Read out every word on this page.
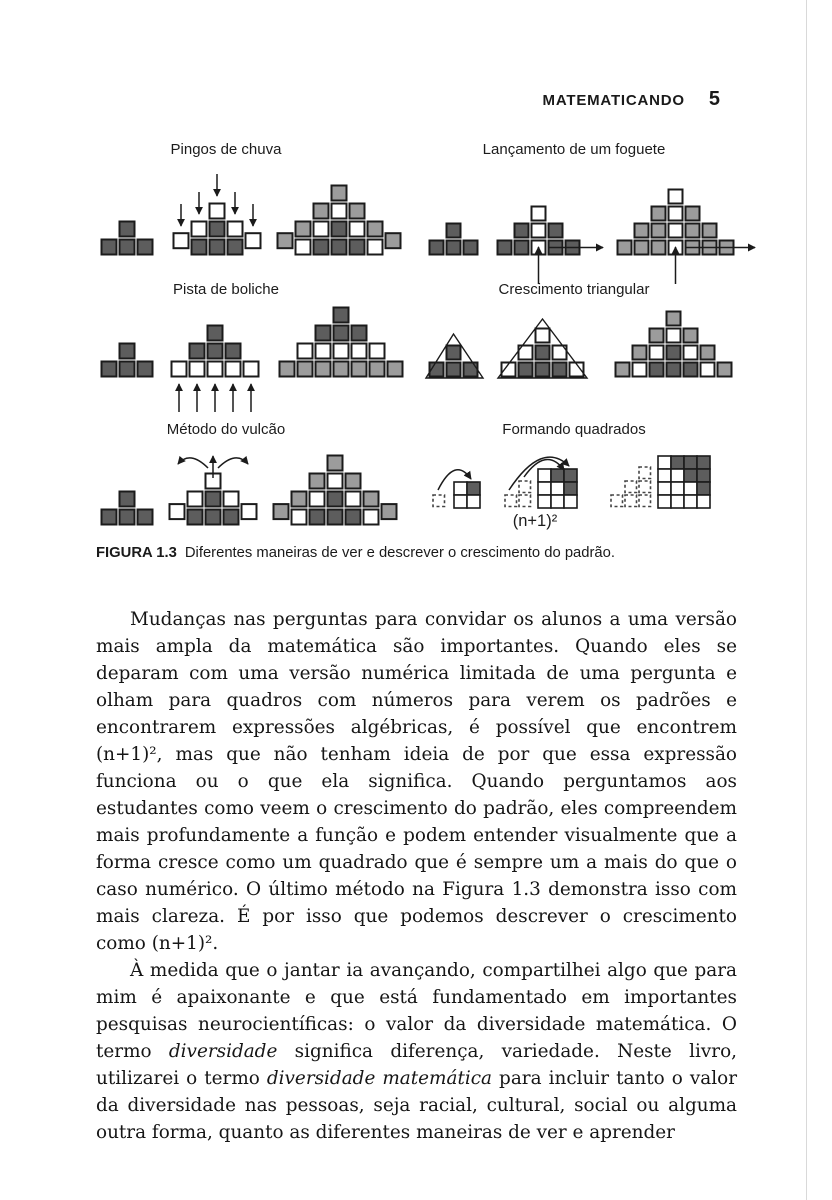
MATEMATICANDO 5
Pingos de chuva	Lançamento de um foguete
Pista de boliche	Crescimento triangular
Método do vulcão	Formando quadrados
(n+1)²
FIGURA 1.3 Diferentes maneiras de ver e descrever o crescimento do padrão.

Mudanças nas perguntas para convidar os alunos a uma versão mais ampla da matemática são importantes. Quando eles se deparam com uma versão numérica limitada de uma pergunta e olham para quadros com números para verem os padrões e encontrarem expressões algébricas, é possível que encontrem (n+1)², mas que não tenham ideia de por que essa expressão funciona ou o que ela significa. Quando perguntamos aos estudantes como veem o crescimento do padrão, eles compreendem mais profundamente a função e podem entender visualmente que a forma cresce como um quadrado que é sempre um a mais do que o caso numérico. O último método na Figura 1.3 demonstra isso com mais clareza. É por isso que podemos descrever o crescimento como (n+1)².

À medida que o jantar ia avançando, compartilhei algo que para mim é apaixonante e que está fundamentado em importantes pesquisas neurocientíficas: o valor da diversidade matemática. O termo diversidade significa diferença, variedade. Neste livro, utilizarei o termo diversidade matemática para incluir tanto o valor da diversidade nas pessoas, seja racial, cultural, social ou alguma outra forma, quanto as diferentes maneiras de ver e aprender
